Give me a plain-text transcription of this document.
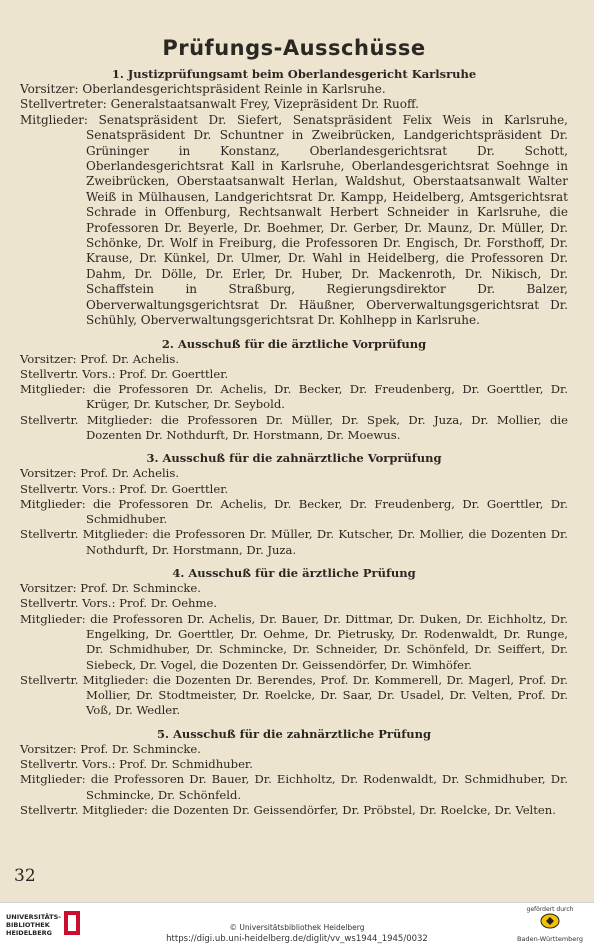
Prüfungs-Ausschüsse
1. Justizprüfungsamt beim Oberlandesgericht Karlsruhe
Vorsitzer: Oberlandesgerichtspräsident Reinle in Karlsruhe.
Stellvertreter: Generalstaatsanwalt Frey, Vizepräsident Dr. Ruoff.
Mitglieder: Senatspräsident Dr. Siefert, Senatspräsident Felix Weis in Karlsruhe, Senatspräsident Dr. Schuntner in Zweibrücken, Landgerichtspräsident Dr. Grüninger in Konstanz, Oberlandesgerichtsrat Dr. Schott, Oberlandesgerichtsrat Kall in Karlsruhe, Oberlandesgerichtsrat Soehnge in Zweibrücken, Oberstaatsanwalt Herlan, Waldshut, Oberstaatsanwalt Walter Weiß in Mülhausen, Landgerichtsrat Dr. Kampp, Heidelberg, Amtsgerichtsrat Schrade in Offenburg, Rechtsanwalt Herbert Schneider in Karlsruhe, die Professoren Dr. Beyerle, Dr. Boehmer, Dr. Gerber, Dr. Maunz, Dr. Müller, Dr. Schönke, Dr. Wolf in Freiburg, die Professoren Dr. Engisch, Dr. Forsthoff, Dr. Krause, Dr. Künkel, Dr. Ulmer, Dr. Wahl in Heidelberg, die Professoren Dr. Dahm, Dr. Dölle, Dr. Erler, Dr. Huber, Dr. Mackenroth, Dr. Nikisch, Dr. Schaffstein in Straßburg, Regierungsdirektor Dr. Balzer, Oberverwaltungsgerichtsrat Dr. Häußner, Oberverwaltungsgerichtsrat Dr. Schühly, Oberverwaltungsgerichtsrat Dr. Kohlhepp in Karlsruhe.
2. Ausschuß für die ärztliche Vorprüfung
Vorsitzer: Prof. Dr. Achelis.
Stellvertr. Vors.: Prof. Dr. Goerttler.
Mitglieder: die Professoren Dr. Achelis, Dr. Becker, Dr. Freudenberg, Dr. Goerttler, Dr. Krüger, Dr. Kutscher, Dr. Seybold.
Stellvertr. Mitglieder: die Professoren Dr. Müller, Dr. Spek, Dr. Juza, Dr. Mollier, die Dozenten Dr. Nothdurft, Dr. Horstmann, Dr. Moewus.
3. Ausschuß für die zahnärztliche Vorprüfung
Vorsitzer: Prof. Dr. Achelis.
Stellvertr. Vors.: Prof. Dr. Goerttler.
Mitglieder: die Professoren Dr. Achelis, Dr. Becker, Dr. Freudenberg, Dr. Goerttler, Dr. Schmidhuber.
Stellvertr. Mitglieder: die Professoren Dr. Müller, Dr. Kutscher, Dr. Mollier, die Dozenten Dr. Nothdurft, Dr. Horstmann, Dr. Juza.
4. Ausschuß für die ärztliche Prüfung
Vorsitzer: Prof. Dr. Schmincke.
Stellvertr. Vors.: Prof. Dr. Oehme.
Mitglieder: die Professoren Dr. Achelis, Dr. Bauer, Dr. Dittmar, Dr. Duken, Dr. Eichholtz, Dr. Engelking, Dr. Goerttler, Dr. Oehme, Dr. Pietrusky, Dr. Rodenwaldt, Dr. Runge, Dr. Schmidhuber, Dr. Schmincke, Dr. Schneider, Dr. Schönfeld, Dr. Seiffert, Dr. Siebeck, Dr. Vogel, die Dozenten Dr. Geissendörfer, Dr. Wimhöfer.
Stellvertr. Mitglieder: die Dozenten Dr. Berendes, Prof. Dr. Kommerell, Dr. Magerl, Prof. Dr. Mollier, Dr. Stodtmeister, Dr. Roelcke, Dr. Saar, Dr. Usadel, Dr. Velten, Prof. Dr. Voß, Dr. Wedler.
5. Ausschuß für die zahnärztliche Prüfung
Vorsitzer: Prof. Dr. Schmincke.
Stellvertr. Vors.: Prof. Dr. Schmidhuber.
Mitglieder: die Professoren Dr. Bauer, Dr. Eichholtz, Dr. Rodenwaldt, Dr. Schmidhuber, Dr. Schmincke, Dr. Schönfeld.
Stellvertr. Mitglieder: die Dozenten Dr. Geissendörfer, Dr. Pröbstel, Dr. Roelcke, Dr. Velten.
32
UNIVERSITÄTS-
BIBLIOTHEK
HEIDELBERG
© Universitätsbibliothek Heidelberg
https://digi.ub.uni-heidelberg.de/diglit/vv_ws1944_1945/0032
gefördert durch
Baden-Württemberg
